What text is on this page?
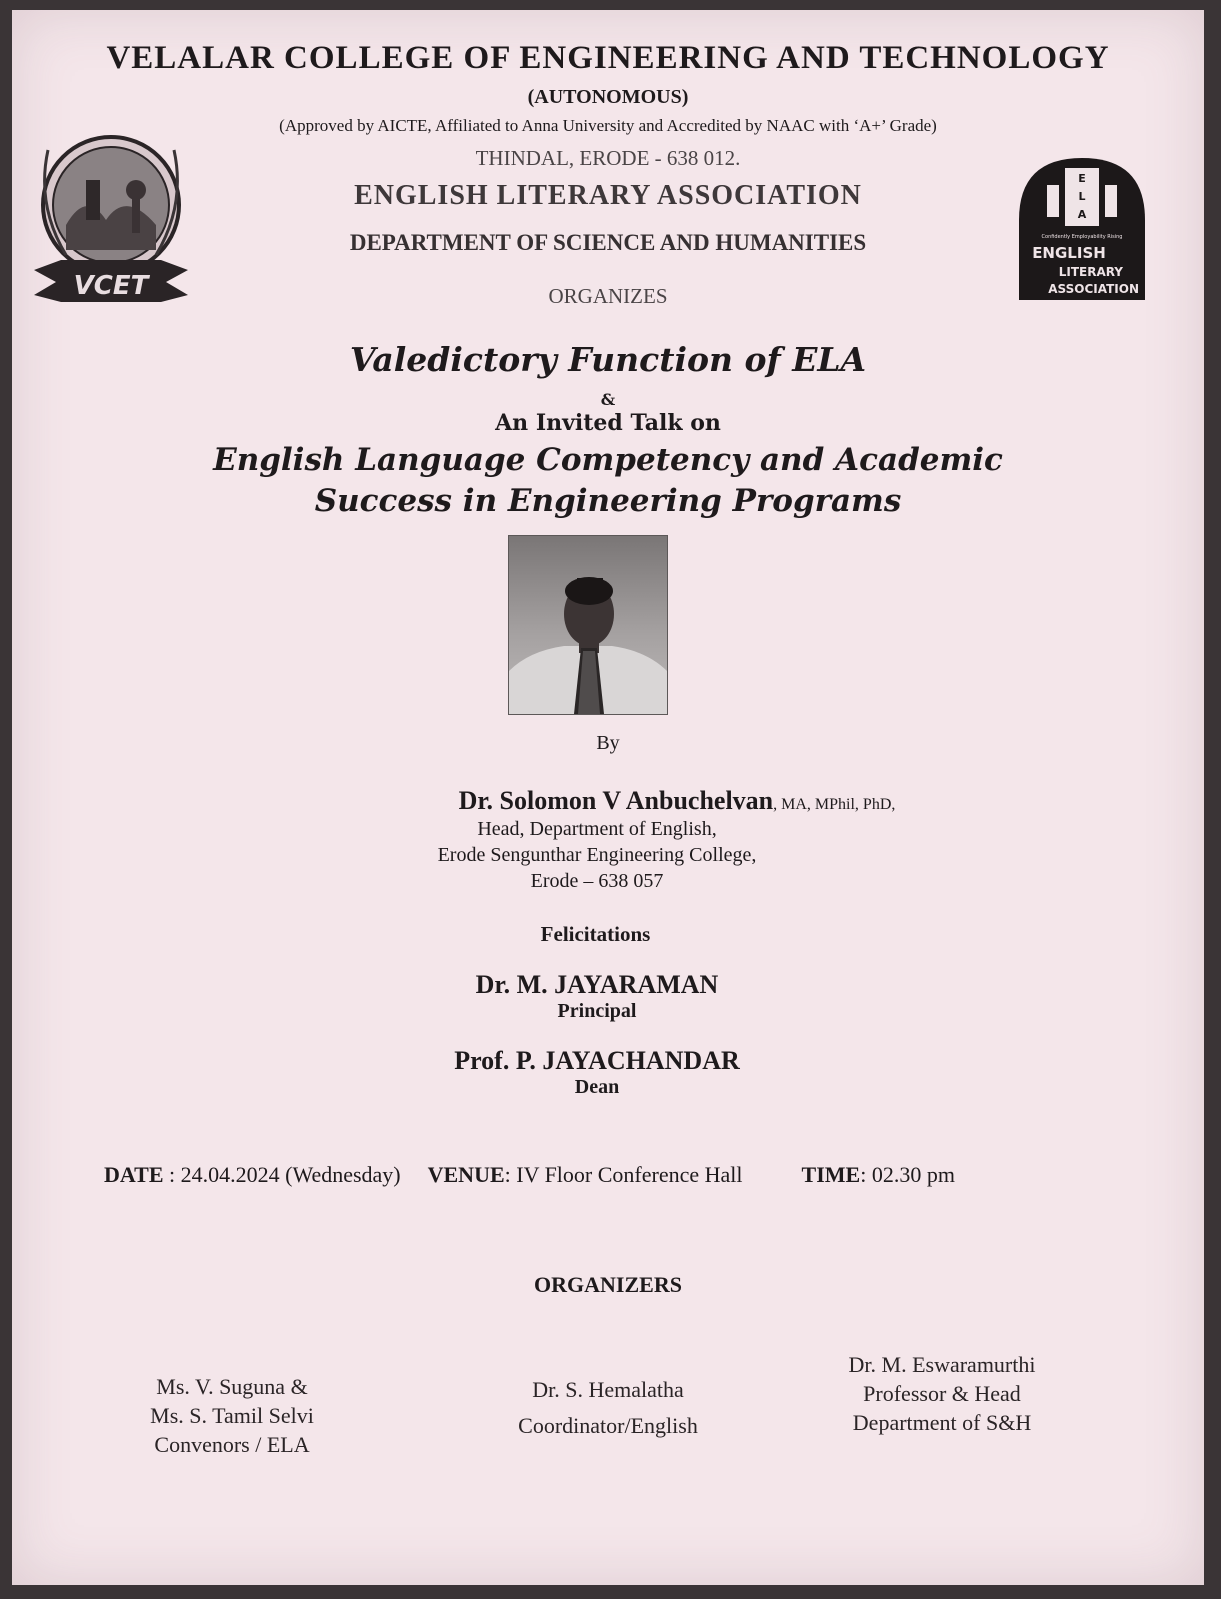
VCET
E
L
A
Confidently Employability Rising
ENGLISH
LITERARY
ASSOCIATION
VELALAR COLLEGE OF ENGINEERING AND TECHNOLOGY
(AUTONOMOUS)
(Approved by AICTE, Affiliated to Anna University and Accredited by NAAC with ‘A+’ Grade)
THINDAL, ERODE - 638 012.
ENGLISH LITERARY ASSOCIATION
DEPARTMENT OF SCIENCE AND HUMANITIES
ORGANIZES
Valedictory Function of ELA
&
An Invited Talk on
English Language Competency and Academic
Success in Engineering Programs
By
Dr. Solomon V Anbuchelvan, MA, MPhil, PhD,
Head, Department of English,
Erode Sengunthar Engineering College,
Erode – 638 057
Felicitations
Dr. M. JAYARAMAN
Principal
Prof. P. JAYACHANDAR
Dean
DATE : 24.04.2024 (Wednesday) VENUE: IV Floor Conference Hall	TIME: 02.30 pm
ORGANIZERS
Ms. V. Suguna &
Ms. S. Tamil Selvi
Convenors / ELA
Dr. S. Hemalatha
Coordinator/English
Dr. M. Eswaramurthi
Professor & Head
Department of S&H
